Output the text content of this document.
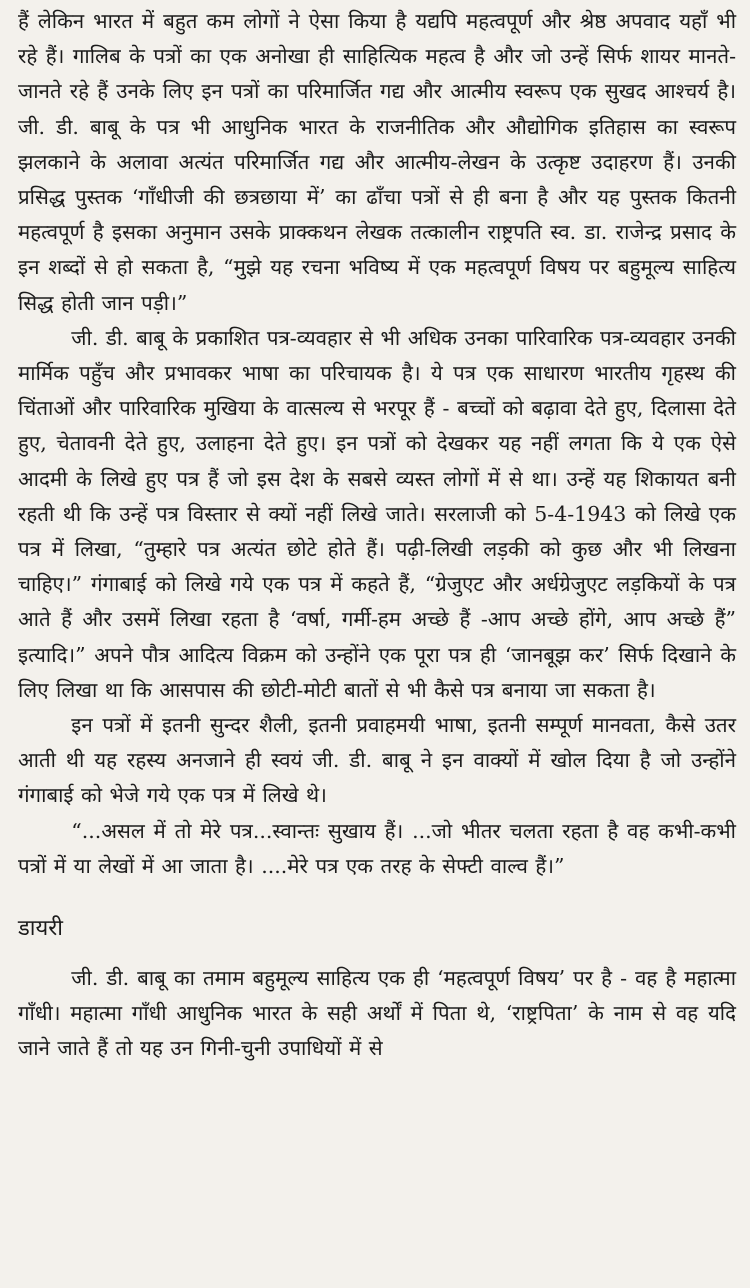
हैं लेकिन भारत में बहुत कम लोगों ने ऐसा किया है यद्यपि महत्वपूर्ण और श्रेष्ठ अपवाद यहाँ भी रहे हैं। गालिब के पत्रों का एक अनोखा ही साहित्यिक महत्व है और जो उन्हें सिर्फ शायर मानते-जानते रहे हैं उनके लिए इन पत्रों का परिमार्जित गद्य और आत्मीय स्वरूप एक सुखद आश्चर्य है। जी. डी. बाबू के पत्र भी आधुनिक भारत के राजनीतिक और औद्योगिक इतिहास का स्वरूप झलकाने के अलावा अत्यंत परिमार्जित गद्य और आत्मीय-लेखन के उत्कृष्ट उदाहरण हैं। उनकी प्रसिद्ध पुस्तक ‘गाँधीजी की छत्रछाया में’ का ढाँचा पत्रों से ही बना है और यह पुस्तक कितनी महत्वपूर्ण है इसका अनुमान उसके प्राक्कथन लेखक तत्कालीन राष्ट्रपति स्व. डा. राजेन्द्र प्रसाद के इन शब्दों से हो सकता है, “मुझे यह रचना भविष्य में एक महत्वपूर्ण विषय पर बहुमूल्य साहित्य सिद्ध होती जान पड़ी।”

जी. डी. बाबू के प्रकाशित पत्र-व्यवहार से भी अधिक उनका पारिवारिक पत्र-व्यवहार उनकी मार्मिक पहुँच और प्रभावकर भाषा का परिचायक है। ये पत्र एक साधारण भारतीय गृहस्थ की चिंताओं और पारिवारिक मुखिया के वात्सल्य से भरपूर हैं - बच्चों को बढ़ावा देते हुए, दिलासा देते हुए, चेतावनी देते हुए, उलाहना देते हुए। इन पत्रों को देखकर यह नहीं लगता कि ये एक ऐसे आदमी के लिखे हुए पत्र हैं जो इस देश के सबसे व्यस्त लोगों में से था। उन्हें यह शिकायत बनी रहती थी कि उन्हें पत्र विस्तार से क्यों नहीं लिखे जाते। सरलाजी को 5-4-1943 को लिखे एक पत्र में लिखा, “तुम्हारे पत्र अत्यंत छोटे होते हैं। पढ़ी-लिखी लड़की को कुछ और भी लिखना चाहिए।” गंगाबाई को लिखे गये एक पत्र में कहते हैं, “ग्रेजुएट और अर्धग्रेजुएट लड़कियों के पत्र आते हैं और उसमें लिखा रहता है ‘वर्षा, गर्मी-हम अच्छे हैं -आप अच्छे होंगे, आप अच्छे हैं” इत्यादि।” अपने पौत्र आदित्य विक्रम को उन्होंने एक पूरा पत्र ही ‘जानबूझ कर’ सिर्फ दिखाने के लिए लिखा था कि आसपास की छोटी-मोटी बातों से भी कैसे पत्र बनाया जा सकता है।

इन पत्रों में इतनी सुन्दर शैली, इतनी प्रवाहमयी भाषा, इतनी सम्पूर्ण मानवता, कैसे उतर आती थी यह रहस्य अनजाने ही स्वयं जी. डी. बाबू ने इन वाक्यों में खोल दिया है जो उन्होंने गंगाबाई को भेजे गये एक पत्र में लिखे थे।

“...असल में तो मेरे पत्र...स्वान्तः सुखाय हैं। ...जो भीतर चलता रहता है वह कभी-कभी पत्रों में या लेखों में आ जाता है। ....मेरे पत्र एक तरह के सेफ्टी वाल्व हैं।”

डायरी

जी. डी. बाबू का तमाम बहुमूल्य साहित्य एक ही ‘महत्वपूर्ण विषय’ पर है - वह है महात्मा गाँधी। महात्मा गाँधी आधुनिक भारत के सही अर्थों में पिता थे, ‘राष्ट्रपिता’ के नाम से वह यदि जाने जाते हैं तो यह उन गिनी-चुनी उपाधियों में से
